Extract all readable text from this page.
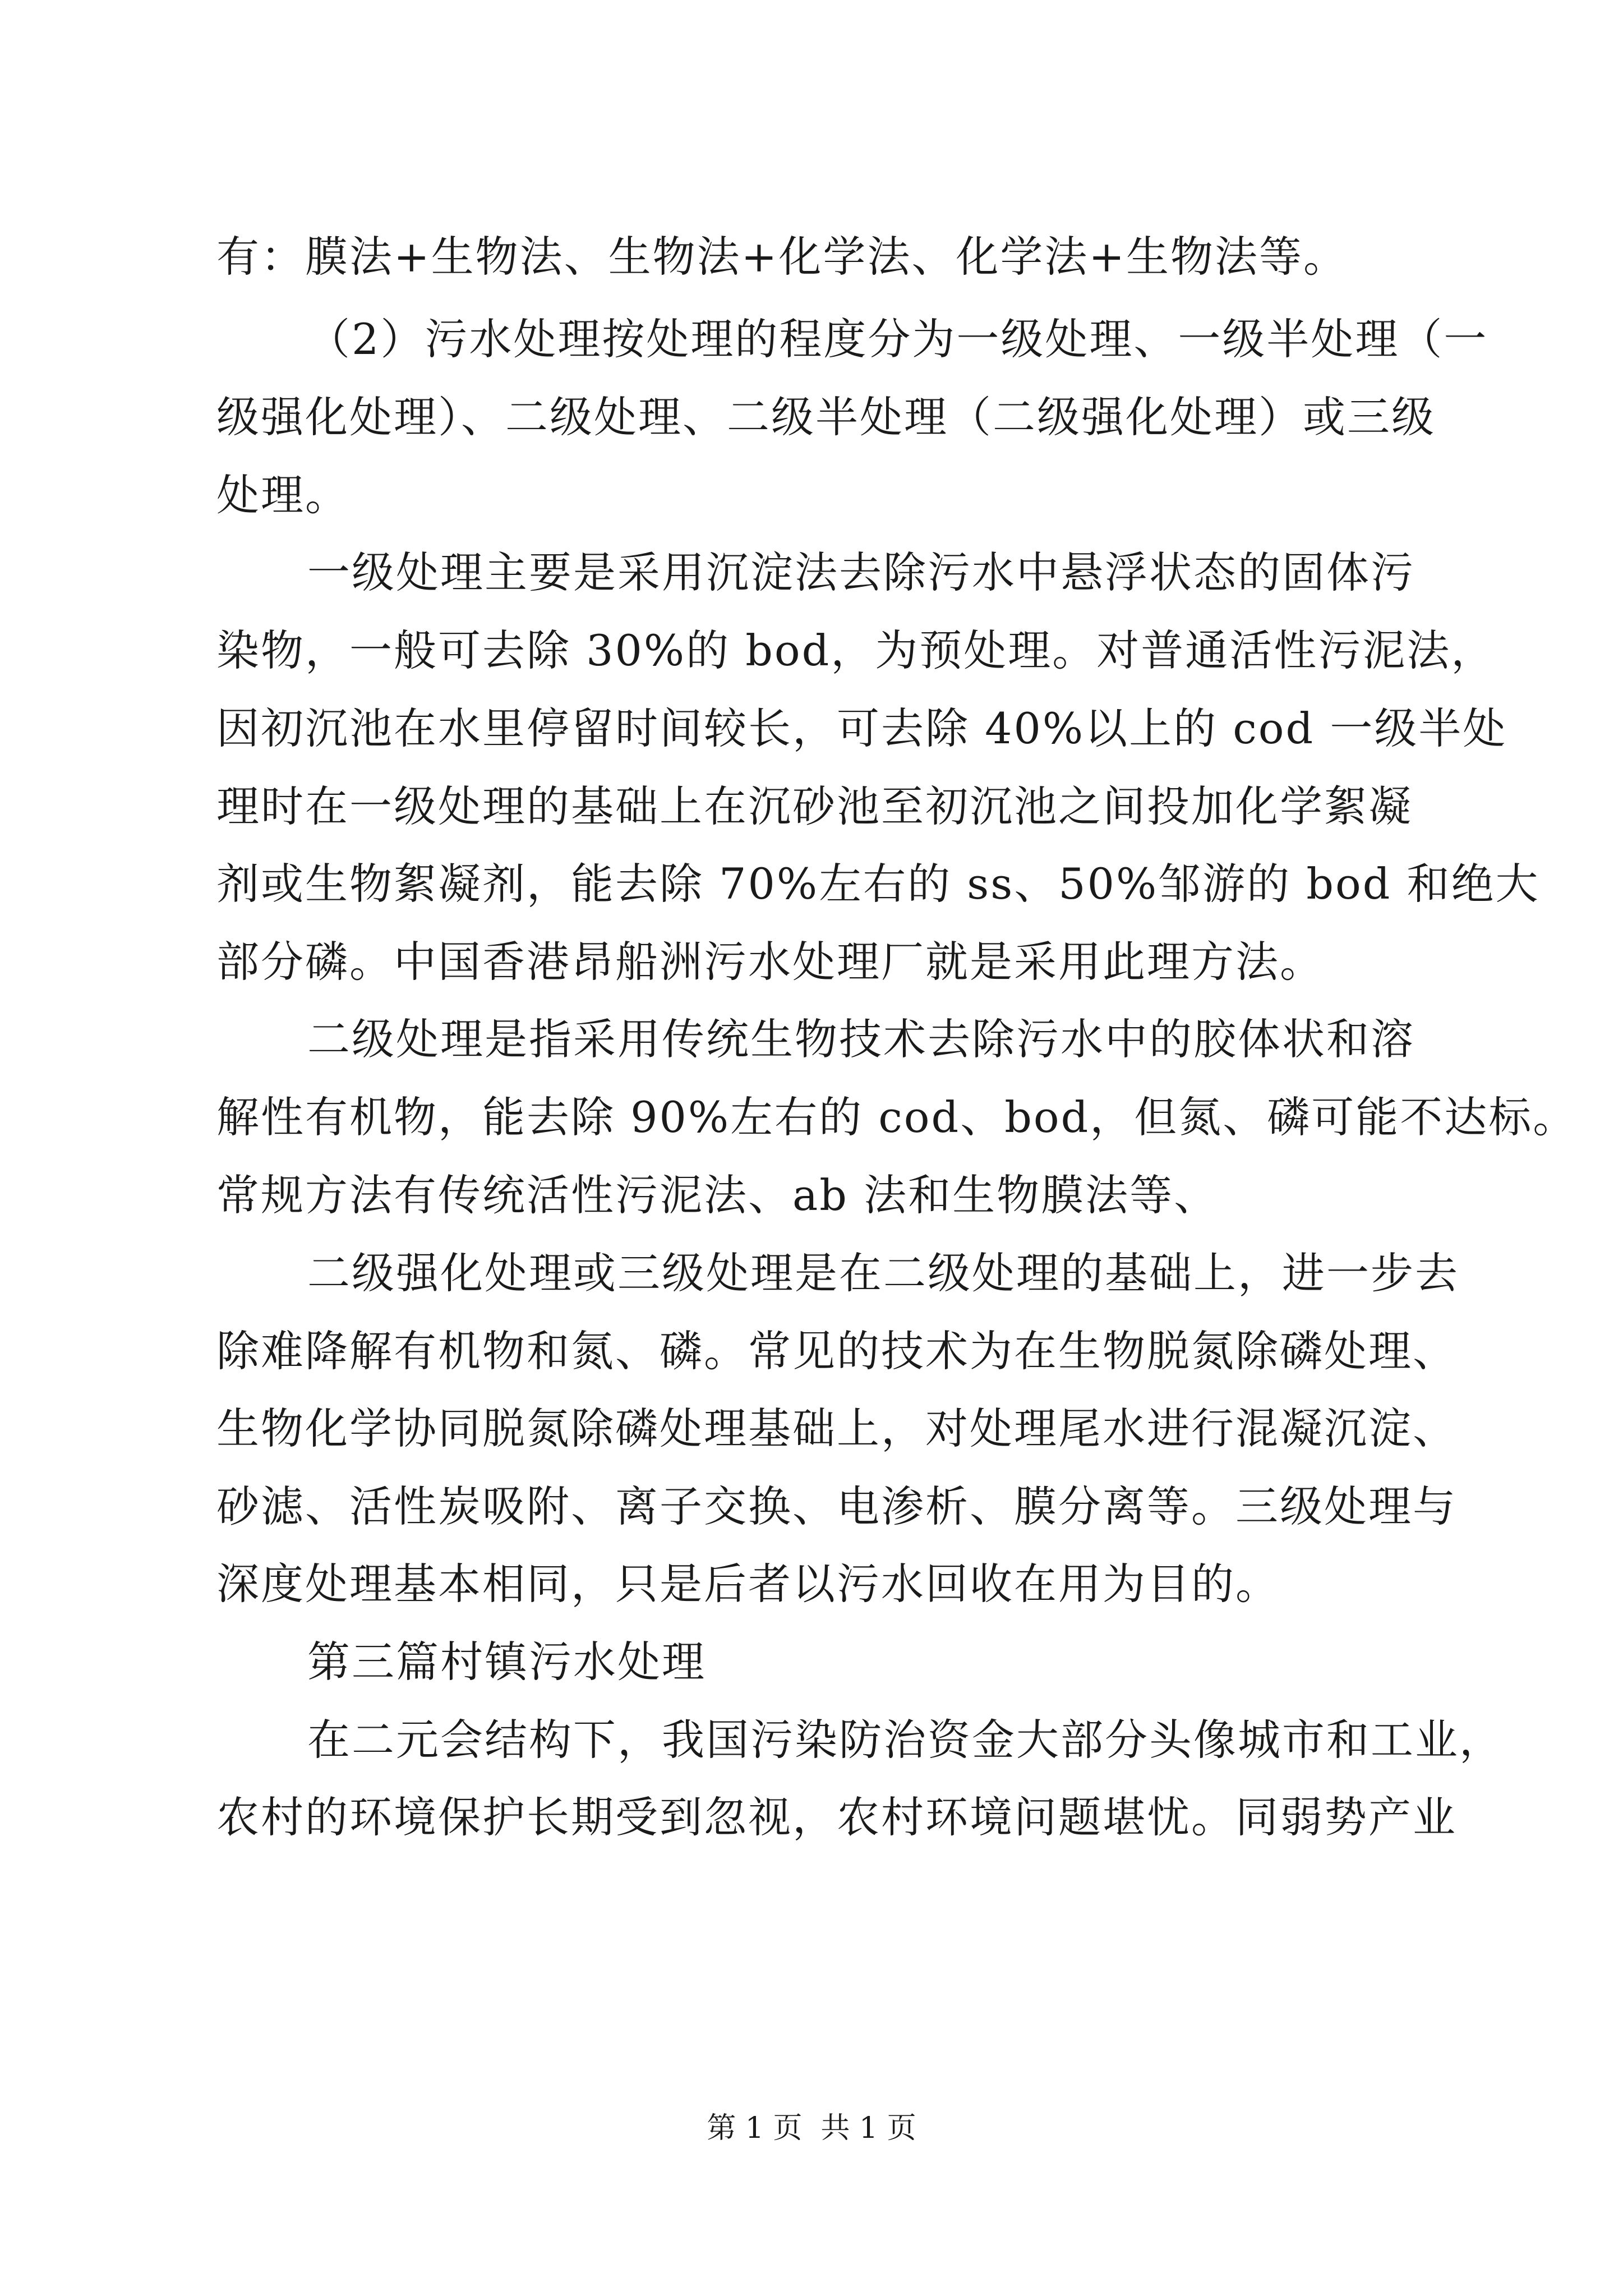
有：膜法+生物法、生物法+化学法、化学法+生物法等。
（2）污水处理按处理的程度分为一级处理、一级半处理（一
级强化处理）、二级处理、二级半处理（二级强化处理）或三级
处理。
一级处理主要是采用沉淀法去除污水中悬浮状态的固体污
染物，一般可去除 30%的 bod，为预处理。对普通活性污泥法，
因初沉池在水里停留时间较长，可去除 40%以上的 cod 一级半处
理时在一级处理的基础上在沉砂池至初沉池之间投加化学絮凝
剂或生物絮凝剂，能去除 70%左右的 ss、50%邹游的 bod 和绝大
部分磷。中国香港昂船洲污水处理厂就是采用此理方法。
二级处理是指采用传统生物技术去除污水中的胶体状和溶
解性有机物，能去除 90%左右的 cod、bod，但氮、磷可能不达标。
常规方法有传统活性污泥法、ab 法和生物膜法等、
二级强化处理或三级处理是在二级处理的基础上，进一步去
除难降解有机物和氮、磷。常见的技术为在生物脱氮除磷处理、
生物化学协同脱氮除磷处理基础上，对处理尾水进行混凝沉淀、
砂滤、活性炭吸附、离子交换、电渗析、膜分离等。三级处理与
深度处理基本相同，只是后者以污水回收在用为目的。
第三篇村镇污水处理
第 1 页  共 1 页
在二元会结构下，我国污染防治资金大部分头像城市和工业，
农村的环境保护长期受到忽视，农村环境问题堪忧。同弱势产业
